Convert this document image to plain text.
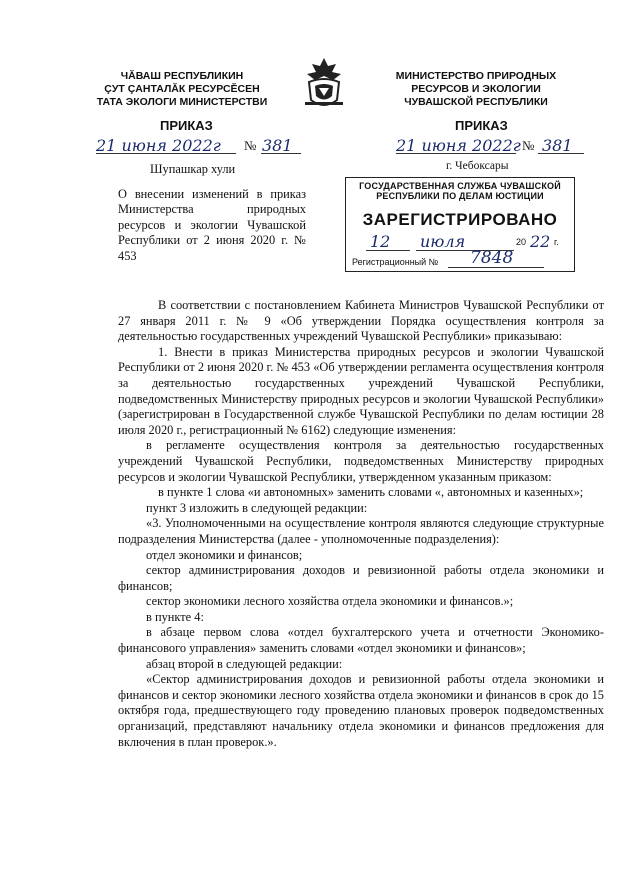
ЧĂВАШ РЕСПУБЛИКИН
ÇУТ ÇАНТАЛĂК РЕСУРСĔСЕН
ТАТА ЭКОЛОГИ МИНИСТЕРСТВИ
МИНИСТЕРСТВО ПРИРОДНЫХ
РЕСУРСОВ И ЭКОЛОГИИ
ЧУВАШСКОЙ РЕСПУБЛИКИ
ПРИКАЗ
21 июня 2022г № 381
Шупашкар хули
ПРИКАЗ
21 июня 2022г № 381
г. Чебоксары
ГОСУДАРСТВЕННАЯ СЛУЖБА ЧУВАШСКОЙ
РЕСПУБЛИКИ ПО ДЕЛАМ ЮСТИЦИИ
ЗАРЕГИСТРИРОВАНО
12 июля	20 22 г.
Регистрационный № 7848
О внесении изменений в приказ Министерства природных ресурсов и экологии Чувашской Республики от 2 июня 2020 г. № 453

В соответствии с постановлением Кабинета Министров Чувашской Республики от 27 января 2011 г. № 9 «Об утверждении Порядка осуществления контроля за деятельностью государственных учреждений Чувашской Республики» приказываю:

1. Внести в приказ Министерства природных ресурсов и экологии Чувашской Республики от 2 июня 2020 г. № 453 «Об утверждении регламента осуществления контроля за деятельностью государственных учреждений Чувашской Республики, подведомственных Министерству природных ресурсов и экологии Чувашской Республики» (зарегистрирован в Государственной службе Чувашской Республики по делам юстиции 28 июля 2020 г., регистрационный № 6162) следующие изменения:

в регламенте осуществления контроля за деятельностью государственных учреждений Чувашской Республики, подведомственных Министерству природных ресурсов и экологии Чувашской Республики, утвержденном указанным приказом:

в пункте 1 слова «и автономных» заменить словами «, автономных и казенных»;

пункт 3 изложить в следующей редакции:

«3. Уполномоченными на осуществление контроля являются следующие структурные подразделения Министерства (далее - уполномоченные подразделения):

отдел экономики и финансов;

сектор администрирования доходов и ревизионной работы отдела экономики и финансов;

сектор экономики лесного хозяйства отдела экономики и финансов.»;

в пункте 4:

в абзаце первом слова «отдел бухгалтерского учета и отчетности Экономико-финансового управления» заменить словами «отдел экономики и финансов»;

абзац второй в следующей редакции:

«Сектор администрирования доходов и ревизионной работы отдела экономики и финансов и сектор экономики лесного хозяйства отдела экономики и финансов в срок до 15 октября года, предшествующего году проведению плановых проверок подведомственных организаций, представляют начальнику отдела экономики и финансов предложения для включения в план проверок.».
